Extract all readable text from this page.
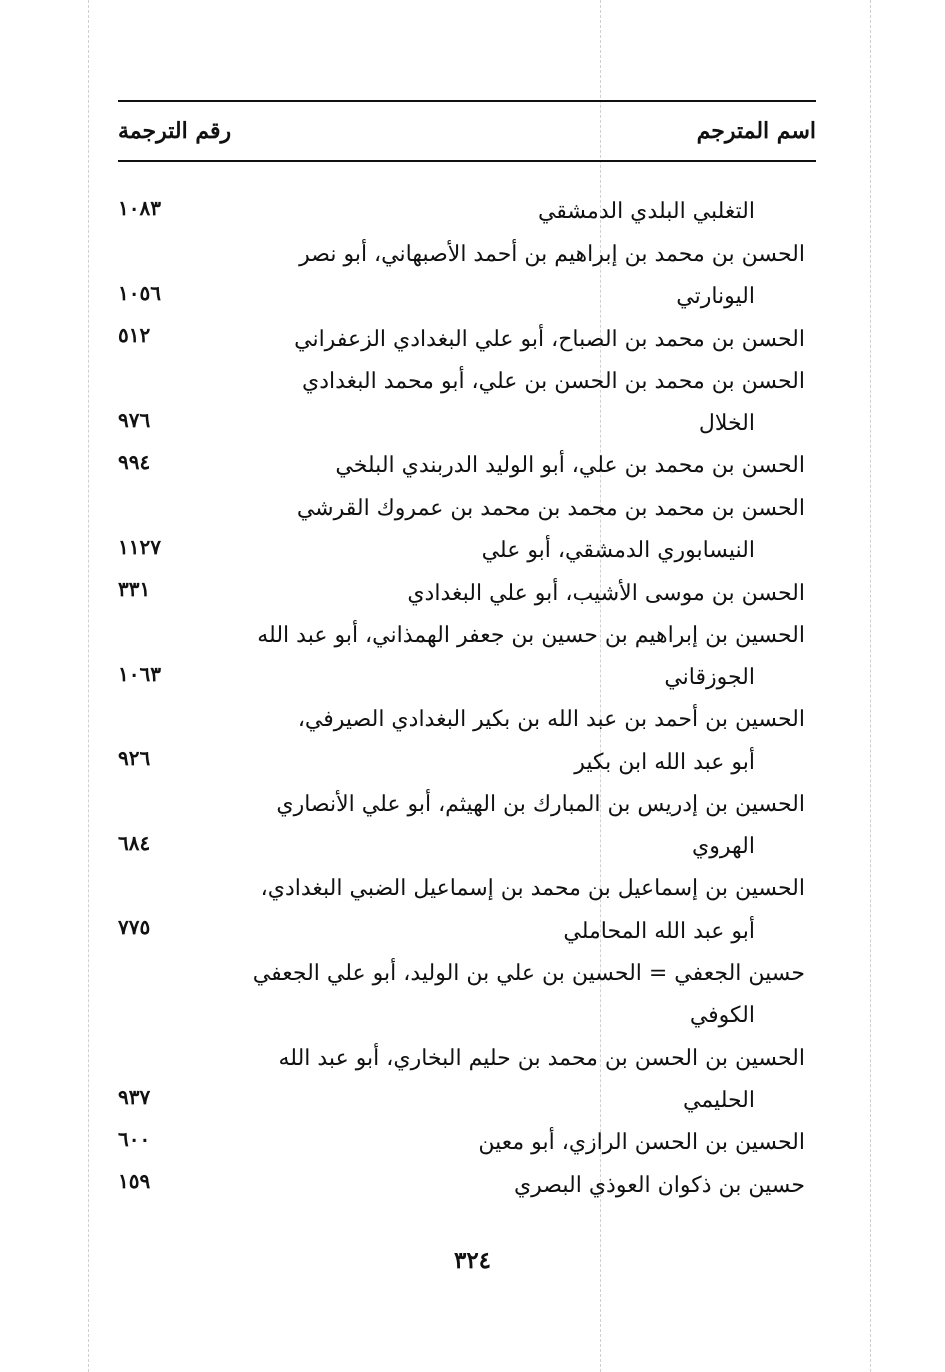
اسم المترجم
رقم الترجمة
التغلبي البلدي الدمشقي
الحسن بن محمد بن إبراهيم بن أحمد الأصبهاني، أبو نصر
اليونارتي
الحسن بن محمد بن الصباح، أبو علي البغدادي الزعفراني
الحسن بن محمد بن الحسن بن علي، أبو محمد البغدادي
الخلال
الحسن بن محمد بن علي، أبو الوليد الدربندي البلخي
الحسن بن محمد بن محمد بن محمد بن عمروك القرشي
النيسابوري الدمشقي، أبو علي
الحسن بن موسى الأشيب، أبو علي البغدادي
الحسين بن إبراهيم بن حسين بن جعفر الهمذاني، أبو عبد الله
الجوزقاني
الحسين بن أحمد بن عبد الله بن بكير البغدادي الصيرفي،
أبو عبد الله ابن بكير
الحسين بن إدريس بن المبارك بن الهيثم، أبو علي الأنصاري
الهروي
الحسين بن إسماعيل بن محمد بن إسماعيل الضبي البغدادي،
أبو عبد الله المحاملي
حسين الجعفي = الحسين بن علي بن الوليد، أبو علي الجعفي
الكوفي
الحسين بن الحسن بن محمد بن حليم البخاري، أبو عبد الله
الحليمي
الحسين بن الحسن الرازي، أبو معين
حسين بن ذكوان العوذي البصري
١٠٨٣
١٠٥٦
٥١٢
٩٧٦
٩٩٤
١١٢٧
٣٣١
١٠٦٣
٩٢٦
٦٨٤
٧٧٥
٩٣٧
٦٠٠
١٥٩
٣٢٤
